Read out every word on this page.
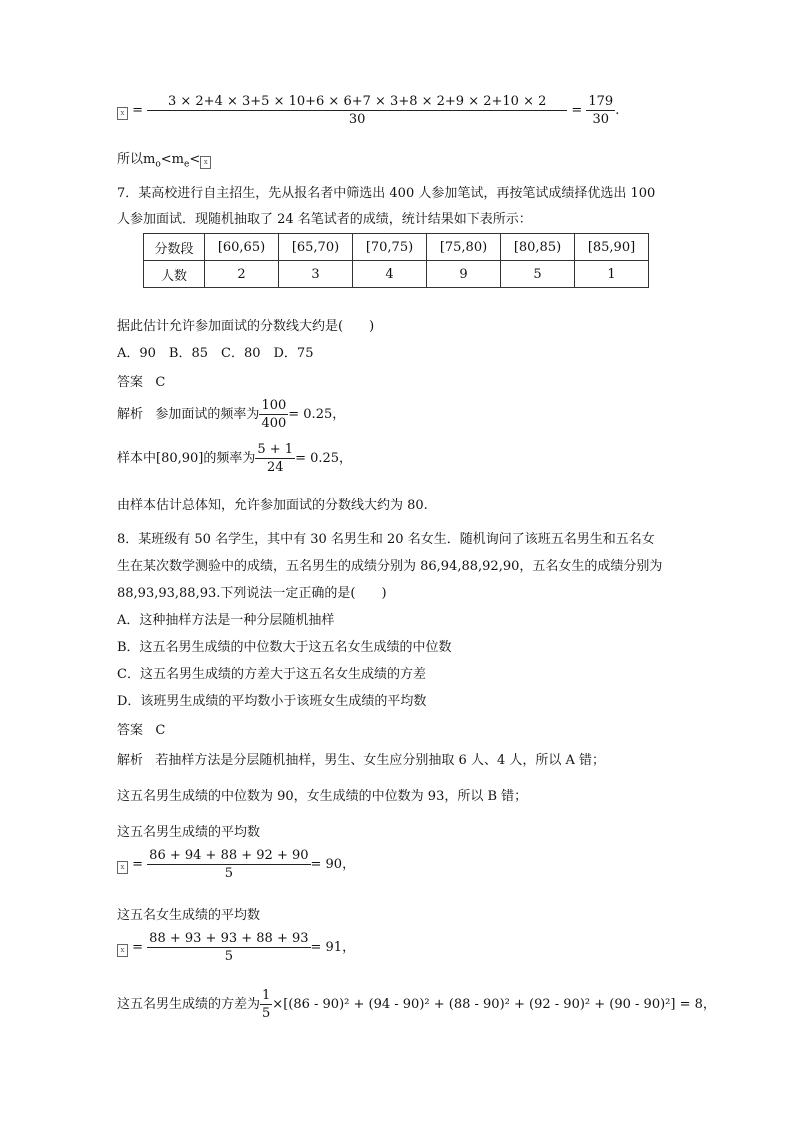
$x = \frac{3 \times 2+4 \times 3+5 \times 10+6 \times 6+7 \times 3+8 \times 2+9 \times 2+10 \times 2}{30} = \frac{179}{30}$ .
所以$m_o<m_e< x$
7．某高校进行自主招生，先从报名者中筛选出 400 人参加笔试，再按笔试成绩择优选出 100
人参加面试．现随机抽取了 24 名笔试者的成绩，统计结果如下表所示：
分数段	[60,65)	[65,70)	[70,75)	[75,80)	[80,85)	[85,90]
人数	2	3	4	9	5	1
据此估计允许参加面试的分数线大约是(　　)
A．90　B．85　C．80　D．75
答案 C
解析 参加面试的频率为 $\frac{100}{400} = 0.25$，
样本中[80,90]的频率为 $\frac{5 + 1}{24} = 0.25$，
由样本估计总体知，允许参加面试的分数线大约为 80.
8．某班级有 50 名学生，其中有 30 名男生和 20 名女生．随机询问了该班五名男生和五名女
生在某次数学测验中的成绩，五名男生的成绩分别为 86,94,88,92,90，五名女生的成绩分别为
88,93,93,88,93.下列说法一定正确的是(　　)
A．这种抽样方法是一种分层随机抽样
B．这五名男生成绩的中位数大于这五名女生成绩的中位数
C．这五名男生成绩的方差大于这五名女生成绩的方差
D．该班男生成绩的平均数小于该班女生成绩的平均数
答案 C
解析 若抽样方法是分层随机抽样，男生、女生应分别抽取 6 人、4 人，所以 A 错；
这五名男生成绩的中位数为 90，女生成绩的中位数为 93，所以 B 错；
这五名男生成绩的平均数
$x = \frac{86 + 94 + 88 + 92 + 90}{5} = 90$，
这五名女生成绩的平均数
$x = \frac{88 + 93 + 93 + 88 + 93}{5} = 91$，
这五名男生成绩的方差为 $\frac{1}{5} \times[(86 - 90)^2 + (94 - 90)^2 + (88 - 90)^2 + (92 - 90)^2 + (90 - 90)^2] = 8$，
